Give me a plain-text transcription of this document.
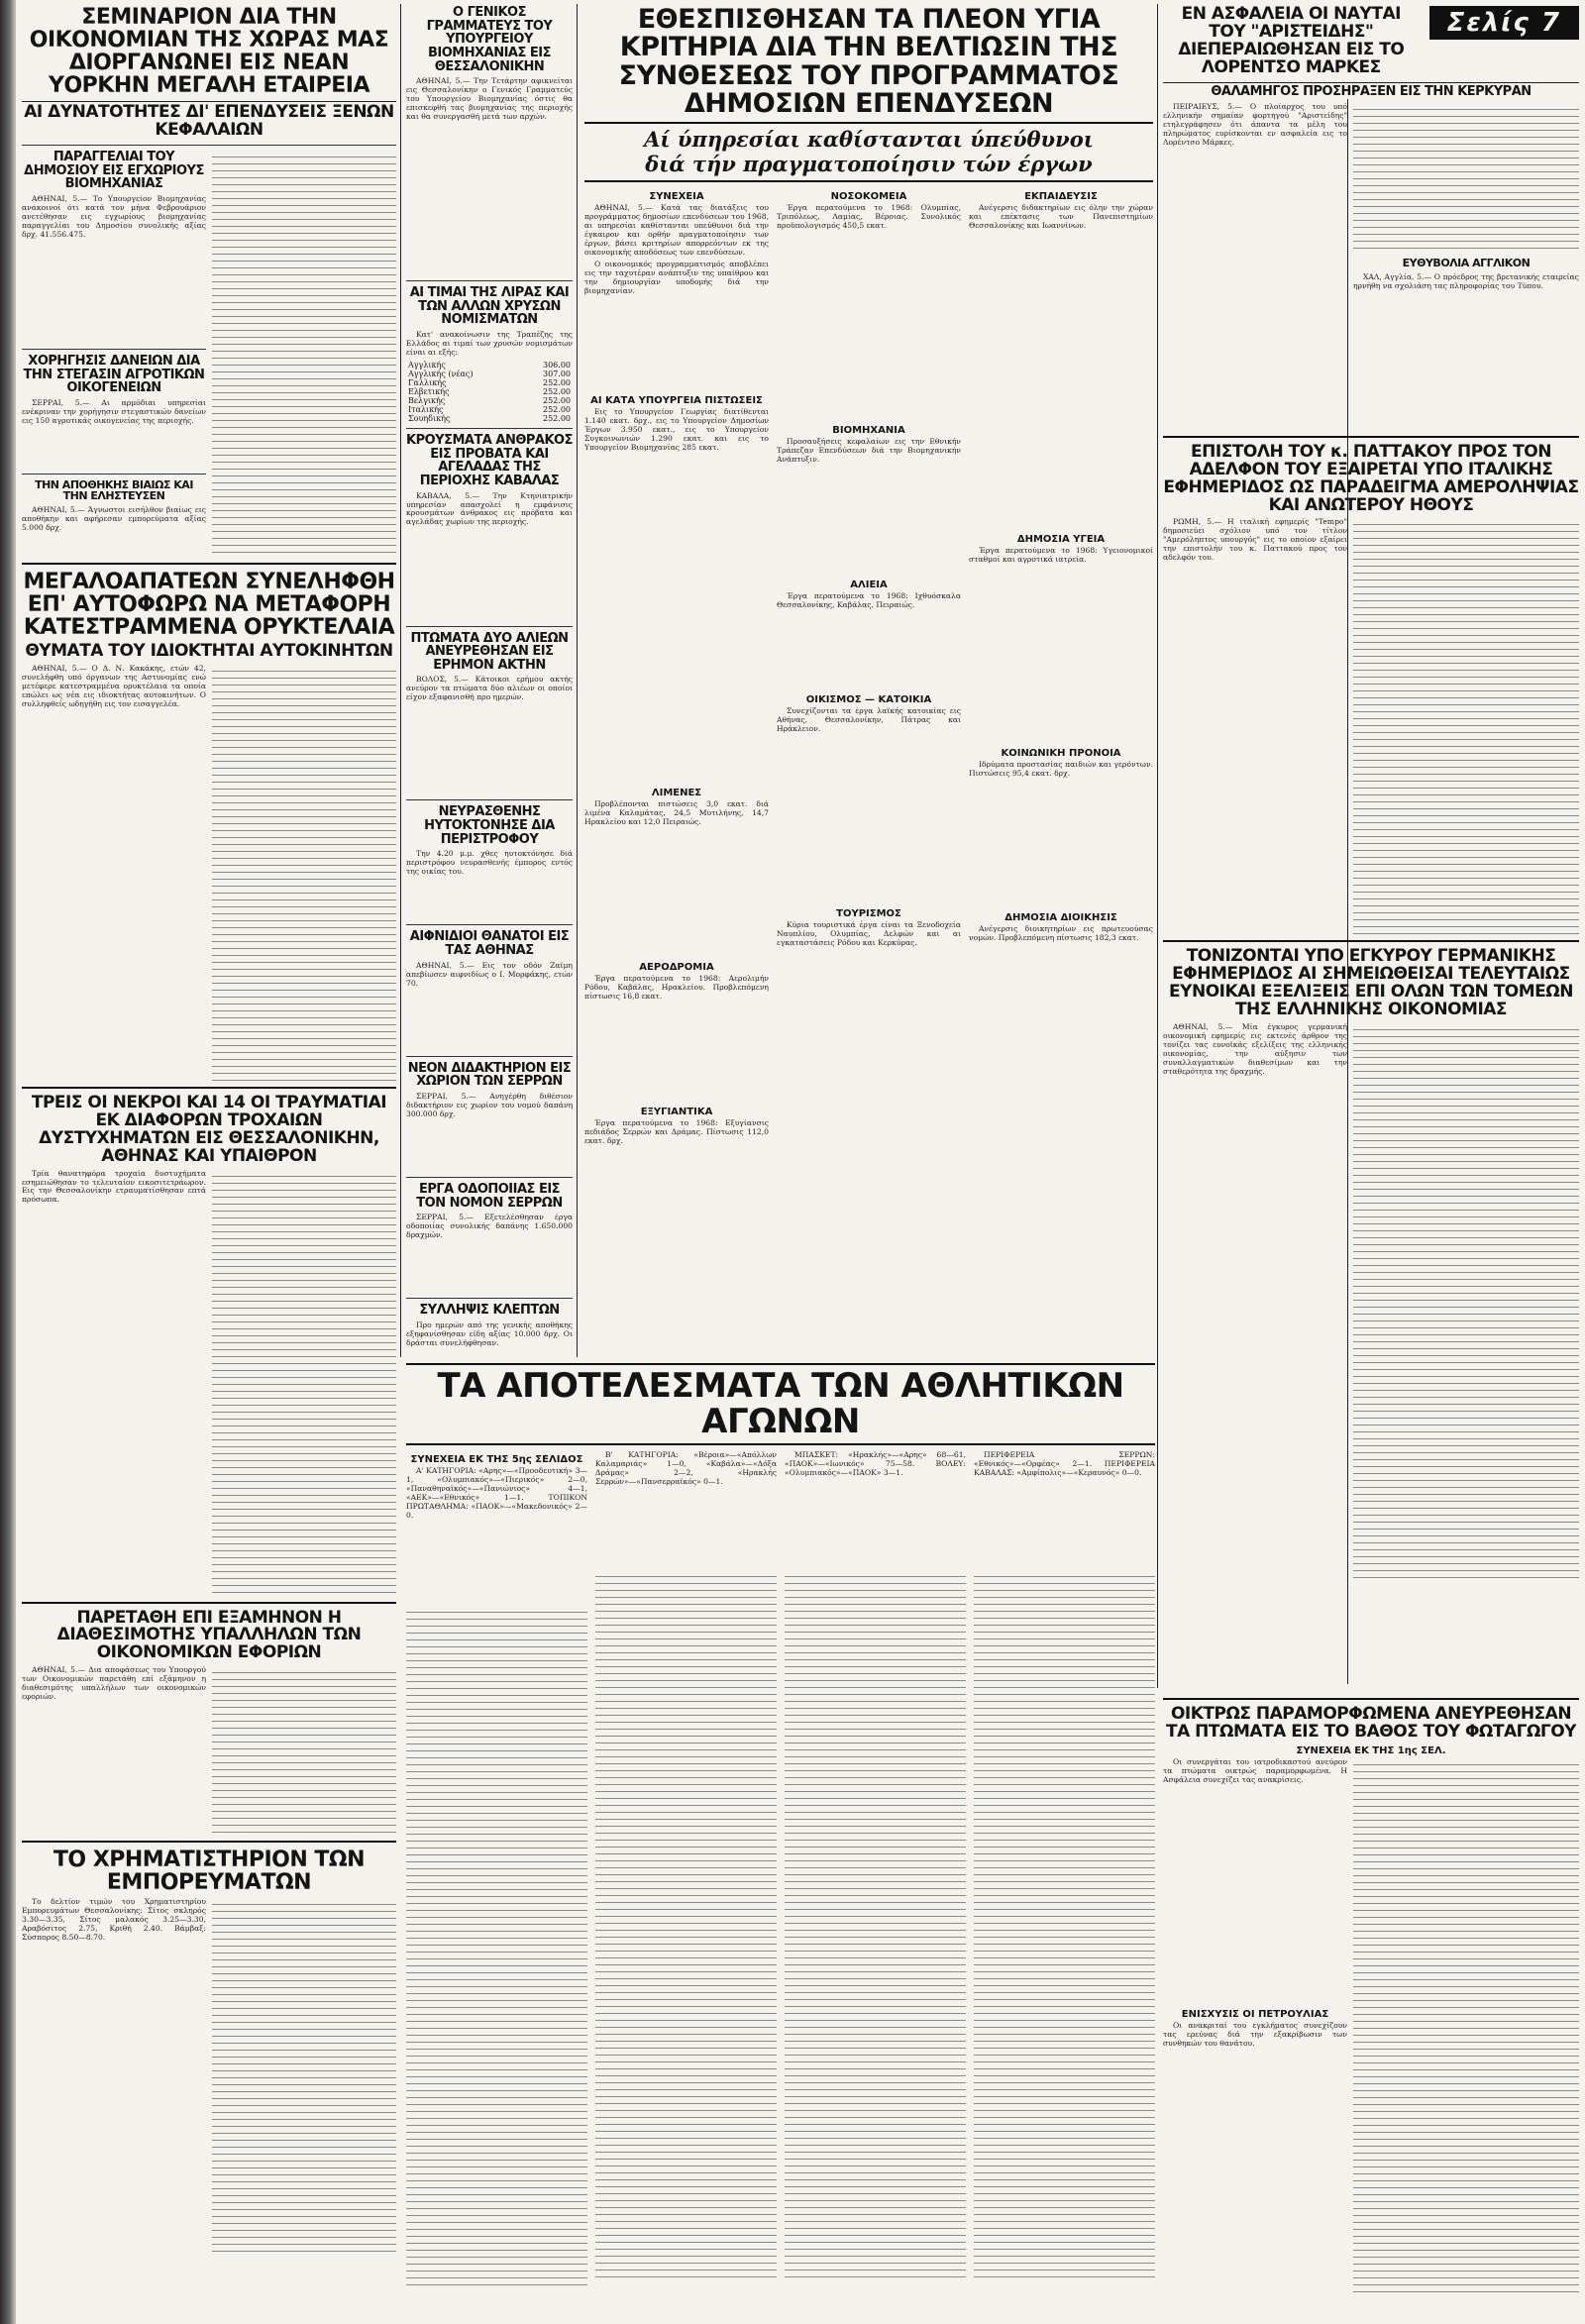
ΣΕΜΙΝΑΡΙΟΝ ΔΙΑ ΤΗΝ ΟΙΚΟΝΟΜΙΑΝ ΤΗΣ ΧΩΡΑΣ ΜΑΣ ΔΙΟΡΓΑΝΩΝΕΙ ΕΙΣ ΝΕΑΝ ΥΟΡΚΗΝ ΜΕΓΑΛΗ ΕΤΑΙΡΕΙΑ
ΑΙ ΔΥΝΑΤΟΤΗΤΕΣ ΔΙ' ΕΠΕΝΔΥΣΕΙΣ ΞΕΝΩΝ ΚΕΦΑΛΑΙΩΝ
ΠΑΡΑΓΓΕΛΙΑΙ ΤΟΥ ΔΗΜΟΣΙΟΥ ΕΙΣ ΕΓΧΩΡΙΟΥΣ ΒΙΟΜΗΧΑΝΙΑΣ

ΑΘΗΝΑΙ, 5.— Το Υπουργείον Βιομηχανίας ανακοινοί ότι κατά τον μήνα Φεβρουάριον ανετέθησαν εις εγχωρίους βιομηχανίας παραγγελίαι του Δημοσίου συνολικής αξίας δρχ. 41.556.475.

ΧΟΡΗΓΗΣΙΣ ΔΑΝΕΙΩΝ ΔΙΑ ΤΗΝ ΣΤΕΓΑΣΙΝ ΑΓΡΟΤΙΚΩΝ ΟΙΚΟΓΕΝΕΙΩΝ

ΣΕΡΡΑΙ, 5.— Αι αρμόδιαι υπηρεσίαι ενέκριναν την χορήγησιν στεγαστικών δανείων εις 150 αγροτικάς οικογενείας της περιοχής.

ΤΗΝ ΑΠΟΘΗΚΗΣ ΒΙΑΙΩΣ ΚΑΙ ΤΗΝ ΕΛΗΣΤΕΥΣΕΝ

ΑΘΗΝΑΙ, 5.— Άγνωστοι εισήλθον βιαίως εις αποθήκην και αφήρεσαν εμπορεύματα αξίας 5.000 δρχ.

ΜΕΓΑΛΟΑΠΑΤΕΩΝ ΣΥΝΕΛΗΦΘΗ ΕΠ' ΑΥΤΟΦΩΡΩ ΝΑ ΜΕΤΑΦΟΡΗ ΚΑΤΕΣΤΡΑΜΜΕΝΑ ΟΡΥΚΤΕΛΑΙΑ
ΘΥΜΑΤΑ ΤΟΥ ΙΔΙΟΚΤΗΤΑΙ ΑΥΤΟΚΙΝΗΤΩΝ

ΑΘΗΝΑΙ, 5.— Ο Δ. Ν. Κακάκης, ετών 42, συνελήφθη υπό όργανων της Αστυνομίας ενώ μετέφερε κατεστραμμένα ορυκτέλαια τα οποία επώλει ως νέα εις ιδιοκτήτας αυτοκινήτων. Ο συλληφθείς ωδηγήθη εις τον εισαγγελέα.

ΤΡΕΙΣ ΟΙ ΝΕΚΡΟΙ ΚΑΙ 14 ΟΙ ΤΡΑΥΜΑΤΙΑΙ ΕΚ ΔΙΑΦΟΡΩΝ ΤΡΟΧΑΙΩΝ ΔΥΣΤΥΧΗΜΑΤΩΝ ΕΙΣ ΘΕΣΣΑΛΟΝΙΚΗΝ, ΑΘΗΝΑΣ ΚΑΙ ΥΠΑΙΘΡΟΝ

Τρία θανατηφόρα τροχαία δυστυχήματα εσημειώθησαν το τελευταίον εικοσιτετράωρον. Εις την Θεσσαλονίκην ετραυματίσθησαν επτά πρόσωπα.

ΠΑΡΕΤΑΘΗ ΕΠΙ ΕΞΑΜΗΝΟΝ Η ΔΙΑΘΕΣΙΜΟΤΗΣ ΥΠΑΛΛΗΛΩΝ ΤΩΝ ΟΙΚΟΝΟΜΙΚΩΝ ΕΦΟΡΙΩΝ

ΑΘΗΝΑΙ, 5.— Δια αποφάσεως του Υπουργού των Οικονομικών παρετάθη επί εξάμηνον η διαθεσιμότης υπαλλήλων των οικονομικών εφοριών.

ΤΟ ΧΡΗΜΑΤΙΣΤΗΡΙΟΝ ΤΩΝ ΕΜΠΟΡΕΥΜΑΤΩΝ

Το δελτίον τιμών του Χρηματιστηρίου Εμπορευμάτων Θεσσαλονίκης: Σίτος σκληρός 3.30—3.35, Σίτος μαλακός 3.25—3.30, Αραβόσιτος 2.75, Κριθή 2.40. Βάμβαξ: Σύσπορος 8.50—8.70.

Ο ΓΕΝΙΚΟΣ ΓΡΑΜΜΑΤΕΥΣ ΤΟΥ ΥΠΟΥΡΓΕΙΟΥ ΒΙΟΜΗΧΑΝΙΑΣ ΕΙΣ ΘΕΣΣΑΛΟΝΙΚΗΝ

ΑΘΗΝΑΙ, 5.— Την Τετάρτην αφικνείται εις Θεσσαλονίκην ο Γενικός Γραμματεύς του Υπουργείου Βιομηχανίας όστις θα επισκεφθή τας βιομηχανίας της περιοχής και θα συνεργασθή μετά των αρχών.

ΑΙ ΤΙΜΑΙ ΤΗΣ ΛΙΡΑΣ ΚΑΙ ΤΩΝ ΑΛΛΩΝ ΧΡΥΣΩΝ ΝΟΜΙΣΜΑΤΩΝ

Κατ' ανακοίνωσιν της Τραπέζης της Ελλάδος αι τιμαί των χρυσών νομισμάτων είναι αι εξής:

Αγγλικής	306.00
Αγγλικής (νέας)	307.00
Γαλλικής	252.00
Ελβετικής	252.00
Βελγικής	252.00
Ιταλικής	252.00
Σουηδικής	252.00
ΚΡΟΥΣΜΑΤΑ ΑΝΘΡΑΚΟΣ ΕΙΣ ΠΡΟΒΑΤΑ ΚΑΙ ΑΓΕΛΑΔΑΣ ΤΗΣ ΠΕΡΙΟΧΗΣ ΚΑΒΑΛΑΣ

ΚΑΒΑΛΑ, 5.— Την Κτηνιατρικήν υπηρεσίαν απασχολεί η εμφάνισις κρουσμάτων άνθρακος εις πρόβατα και αγελάδας χωρίων της περιοχής.

ΠΤΩΜΑΤΑ ΔΥΟ ΑΛΙΕΩΝ ΑΝΕΥΡΕΘΗΣΑΝ ΕΙΣ ΕΡΗΜΟΝ ΑΚΤΗΝ

ΒΟΛΟΣ, 5.— Κάτοικοι ερήμου ακτής ανεύρον τα πτώματα δύο αλιέων οι οποίοι είχον εξαφανισθή προ ημερών.

ΝΕΥΡΑΣΘΕΝΗΣ ΗΥΤΟΚΤΟΝΗΣΕ ΔΙΑ ΠΕΡΙΣΤΡΟΦΟΥ

Την 4.20 μ.μ. χθες ηυτοκτόνησε διά περιστρόφου νευρασθενής έμπορος εντός της οικίας του.

ΑΙΦΝΙΔΙΟΙ ΘΑΝΑΤΟΙ ΕΙΣ ΤΑΣ ΑΘΗΝΑΣ

ΑΘΗΝΑΙ, 5.— Εις τον οδόν Ζαΐμη απεβίωσεν αιφνιδίως ο Ι. Μορφάκης, ετών 70.

ΝΕΟΝ ΔΙΔΑΚΤΗΡΙΟΝ ΕΙΣ ΧΩΡΙΟΝ ΤΩΝ ΣΕΡΡΩΝ

ΣΕΡΡΑΙ, 5.— Ανηγέρθη διθέσιον διδακτήριον εις χωρίον του νομού δαπάνη 300.000 δρχ.

ΕΡΓΑ ΟΔΟΠΟΙΙΑΣ ΕΙΣ ΤΟΝ ΝΟΜΟΝ ΣΕΡΡΩΝ

ΣΕΡΡΑΙ, 5.— Εξετελέσθησαν έργα οδοποιίας συνολικής δαπάνης 1.650.000 δραχμών.

ΣΥΛΛΗΨΙΣ ΚΛΕΠΤΩΝ

Προ ημερών από της γενικής αποθήκης εξηφανίσθησαν είδη αξίας 10.000 δρχ. Οι δράσται συνελήφθησαν.

ΕΘΕΣΠΙΣΘΗΣΑΝ ΤΑ ΠΛΕΟΝ ΥΓΙΑ ΚΡΙΤΗΡΙΑ ΔΙΑ ΤΗΝ ΒΕΛΤΙΩΣΙΝ ΤΗΣ ΣΥΝΘΕΣΕΩΣ ΤΟΥ ΠΡΟΓΡΑΜΜΑΤΟΣ ΔΗΜΟΣΙΩΝ ΕΠΕΝΔΥΣΕΩΝ
Αί ύπηρεσίαι καθίστανται ύπεύθυνοι
διά τήν πραγματοποίησιν τών έργων
ΣΥΝΕΧΕΙΑ

ΑΘΗΝΑΙ, 5.— Κατά τας διατάξεις του προγράμματος δημοσίων επενδύσεων του 1968, αι υπηρεσίαι καθίστανται υπεύθυνοι διά την έγκαιρον και ορθήν πραγματοποίησιν των έργων, βάσει κριτηρίων απορρεόντων εκ της οικονομικής αποδόσεως των επενδύσεων.

Ο οικονομικός προγραμματισμός αποβλέπει εις την ταχυτέραν ανάπτυξιν της υπαίθρου και την δημιουργίαν υποδομής διά την βιομηχανίαν.

ΑΙ ΚΑΤΑ ΥΠΟΥΡΓΕΙΑ ΠΙΣΤΩΣΕΙΣ

Εις το Υπουργείον Γεωργίας διατίθενται 1.140 εκατ. δρχ., εις το Υπουργείον Δημοσίων Έργων 3.950 εκατ., εις το Υπουργείον Συγκοινωνιών 1.290 εκατ. και εις το Υπουργείον Βιομηχανίας 285 εκατ.

ΛΙΜΕΝΕΣ

Προβλέπονται πιστώσεις 3,0 εκατ. διά λιμένα Καλαμάτας, 24,5 Μυτιλήνης, 14,7 Ηρακλείου και 12,0 Πειραιώς.

ΑΕΡΟΔΡΟΜΙΑ

Έργα περατούμενα το 1968: Αερολιμήν Ρόδου, Καβάλας, Ηρακλείου. Προβλεπόμενη πίστωσις 16,8 εκατ.

ΕΞΥΓΙΑΝΤΙΚΑ

Έργα περατούμενα το 1968: Εξυγίανσις πεδιάδος Σερρών και Δράμας. Πίστωσις 112,0 εκατ. δρχ.

ΝΟΣΟΚΟΜΕΙΑ

Έργα περατούμενα το 1968: Ολυμπίας, Τριπόλεως, Λαμίας, Βέροιας. Συνολικός προϋπολογισμός 450,5 εκατ.

ΒΙΟΜΗΧΑΝΙΑ

Προσαυξήσεις κεφαλαίων εις την Εθνικήν Τράπεζαν Επενδύσεων διά την Βιομηχανικήν Ανάπτυξιν.

ΑΛΙΕΙΑ

Έργα περατούμενα το 1968: Ιχθυόσκαλα Θεσσαλονίκης, Καβάλας, Πειραιώς.

ΟΙΚΙΣΜΟΣ — ΚΑΤΟΙΚΙΑ

Συνεχίζονται τα έργα λαϊκής κατοικίας εις Αθήνας, Θεσσαλονίκην, Πάτρας και Ηράκλειον.

ΤΟΥΡΙΣΜΟΣ

Κύρια τουριστικά έργα είναι τα Ξενοδοχεία Ναυπλίου, Ολυμπίας, Δελφών και αι εγκαταστάσεις Ρόδου και Κερκύρας.

ΕΚΠΑΙΔΕΥΣΙΣ

Ανέγερσις διδακτηρίων εις όλην την χώραν και επέκτασις των Πανεπιστημίων Θεσσαλονίκης και Ιωαννίνων.

ΔΗΜΟΣΙΑ ΥΓΕΙΑ

Έργα περατούμενα το 1968: Υγειονομικοί σταθμοί και αγροτικά ιατρεία.

ΚΟΙΝΩΝΙΚΗ ΠΡΟΝΟΙΑ

Ιδρύματα προστασίας παιδιών και γερόντων. Πιστώσεις 95,4 εκατ. δρχ.

ΔΗΜΟΣΙΑ ΔΙΟΙΚΗΣΙΣ

Ανέγερσις διοικητηρίων εις πρωτευούσας νομών. Προβλεπόμενη πίστωσις 182,3 εκατ.

ΕΝ ΑΣΦΑΛΕΙΑ ΟΙ ΝΑΥΤΑΙ ΤΟΥ "ΑΡΙΣΤΕΙΔΗΣ" ΔΙΕΠΕΡΑΙΩΘΗΣΑΝ ΕΙΣ ΤΟ ΛΟΡΕΝΤΣΟ ΜΑΡΚΕΣ
Σελίς 7
ΘΑΛΑΜΗΓΟΣ ΠΡΟΣΗΡΑΞΕΝ ΕΙΣ ΤΗΝ ΚΕΡΚΥΡΑΝ

ΠΕΙΡΑΙΕΥΣ, 5.— Ο πλοίαρχος του υπό ελληνικήν σημαίαν φορτηγού "Αριστείδης" ετηλεγράφησεν ότι άπαντα τα μέλη του πληρώματος ευρίσκονται εν ασφαλεία εις το Λορέντσο Μάρκες.

ΕΥΘΥΒΟΛΙΑ ΑΓΓΛΙΚΟΝ

ΧΑΛ, Αγγλία, 5.— Ο πρόεδρος της βρετανικής εταιρείας ηρνήθη να σχολιάση τας πληροφορίας του Τύπου.

ΕΠΙΣΤΟΛΗ ΤΟΥ κ. ΠΑΤΤΑΚΟΥ ΠΡΟΣ ΤΟΝ ΑΔΕΛΦΟΝ ΤΟΥ ΕΞΑΙΡΕΤΑΙ ΥΠΟ ΙΤΑΛΙΚΗΣ ΕΦΗΜΕΡΙΔΟΣ ΩΣ ΠΑΡΑΔΕΙΓΜΑ ΑΜΕΡΟΛΗΨΙΑΣ ΚΑΙ ΑΝΩΤΕΡΟΥ ΗΘΟΥΣ

ΡΩΜΗ, 5.— Η ιταλική εφημερίς "Tempo" δημοσιεύει σχόλιον υπό τον τίτλον "Αμερόληπτος υπουργός" εις το οποίον εξαίρει την επιστολήν του κ. Παττακού προς τον αδελφόν του.

ΤΟΝΙΖΟΝΤΑΙ ΥΠΟ ΕΓΚΥΡΟΥ ΓΕΡΜΑΝΙΚΗΣ ΕΦΗΜΕΡΙΔΟΣ ΑΙ ΣΗΜΕΙΩΘΕΙΣΑΙ ΤΕΛΕΥΤΑΙΩΣ ΕΥΝΟΙΚΑΙ ΕΞΕΛΙΞΕΙΣ ΕΠΙ ΟΛΩΝ ΤΩΝ ΤΟΜΕΩΝ ΤΗΣ ΕΛΛΗΝΙΚΗΣ ΟΙΚΟΝΟΜΙΑΣ

ΑΘΗΝΑΙ, 5.— Μία έγκυρος γερμανική οικονομική εφημερίς εις εκτενές άρθρον της τονίζει τας ευνοϊκάς εξελίξεις της ελληνικής οικονομίας, την αύξησιν των συναλλαγματικών διαθεσίμων και την σταθερότητα της δραχμής.

ΟΙΚΤΡΩΣ ΠΑΡΑΜΟΡΦΩΜΕΝΑ ΑΝΕΥΡΕΘΗΣΑΝ ΤΑ ΠΤΩΜΑΤΑ ΕΙΣ ΤΟ ΒΑΘΟΣ ΤΟΥ ΦΩΤΑΓΩΓΟΥ
ΣΥΝΕΧΕΙΑ ΕΚ ΤΗΣ 1ης ΣΕΛ.

Οι συνεργάται του ιατροδικαστού ανεύρον τα πτώματα οικτρώς παραμορφωμένα. Η Ασφάλεια συνεχίζει τας ανακρίσεις.

ΕΝΙΣΧΥΣΙΣ ΟΙ ΠΕΤΡΟΥΛΙΑΣ

Οι ανακριταί του εγκλήματος συνεχίζουν τας ερεύνας διά την εξακρίβωσιν των συνθηκών του θανάτου.

ΤΑ ΑΠΟΤΕΛΕΣΜΑΤΑ ΤΩΝ ΑΘΛΗΤΙΚΩΝ ΑΓΩΝΩΝ
ΣΥΝΕΧΕΙΑ ΕΚ ΤΗΣ 5ης ΣΕΛΙΔΟΣ

Α' ΚΑΤΗΓΟΡΙΑ: «Αρης»—«Προοδευτική» 3—1, «Ολυμπιακός»—«Πιερικός» 2—0, «Παναθηναϊκός»—«Πανιώνιος» 4—1, «ΑΕΚ»—«Εθνικός» 1—1. ΤΟΠΙΚΟΝ ΠΡΩΤΑΘΛΗΜΑ: «ΠΑΟΚ»—«Μακεδονικός» 2—0.

Β' ΚΑΤΗΓΟΡΙΑ: «Βέροια»—«Απόλλων Καλαμαριάς» 1—0, «Καβάλα»—«Δόξα Δράμας» 2—2, «Ηρακλής Σερρών»—«Πανσερραϊκός» 0—1.

ΜΠΑΣΚΕΤ: «Ηρακλής»—«Αρης» 68—61, «ΠΑΟΚ»—«Ιωνικός» 75—58. ΒΟΛΕΥ: «Ολυμπιακός»—«ΠΑΟΚ» 3—1.

ΠΕΡΙΦΕΡΕΙΑ ΣΕΡΡΩΝ: «Εθνικός»—«Ορφέας» 2—1. ΠΕΡΙΦΕΡΕΙΑ ΚΑΒΑΛΑΣ: «Αμφίπολις»—«Κεραυνός» 0—0.
